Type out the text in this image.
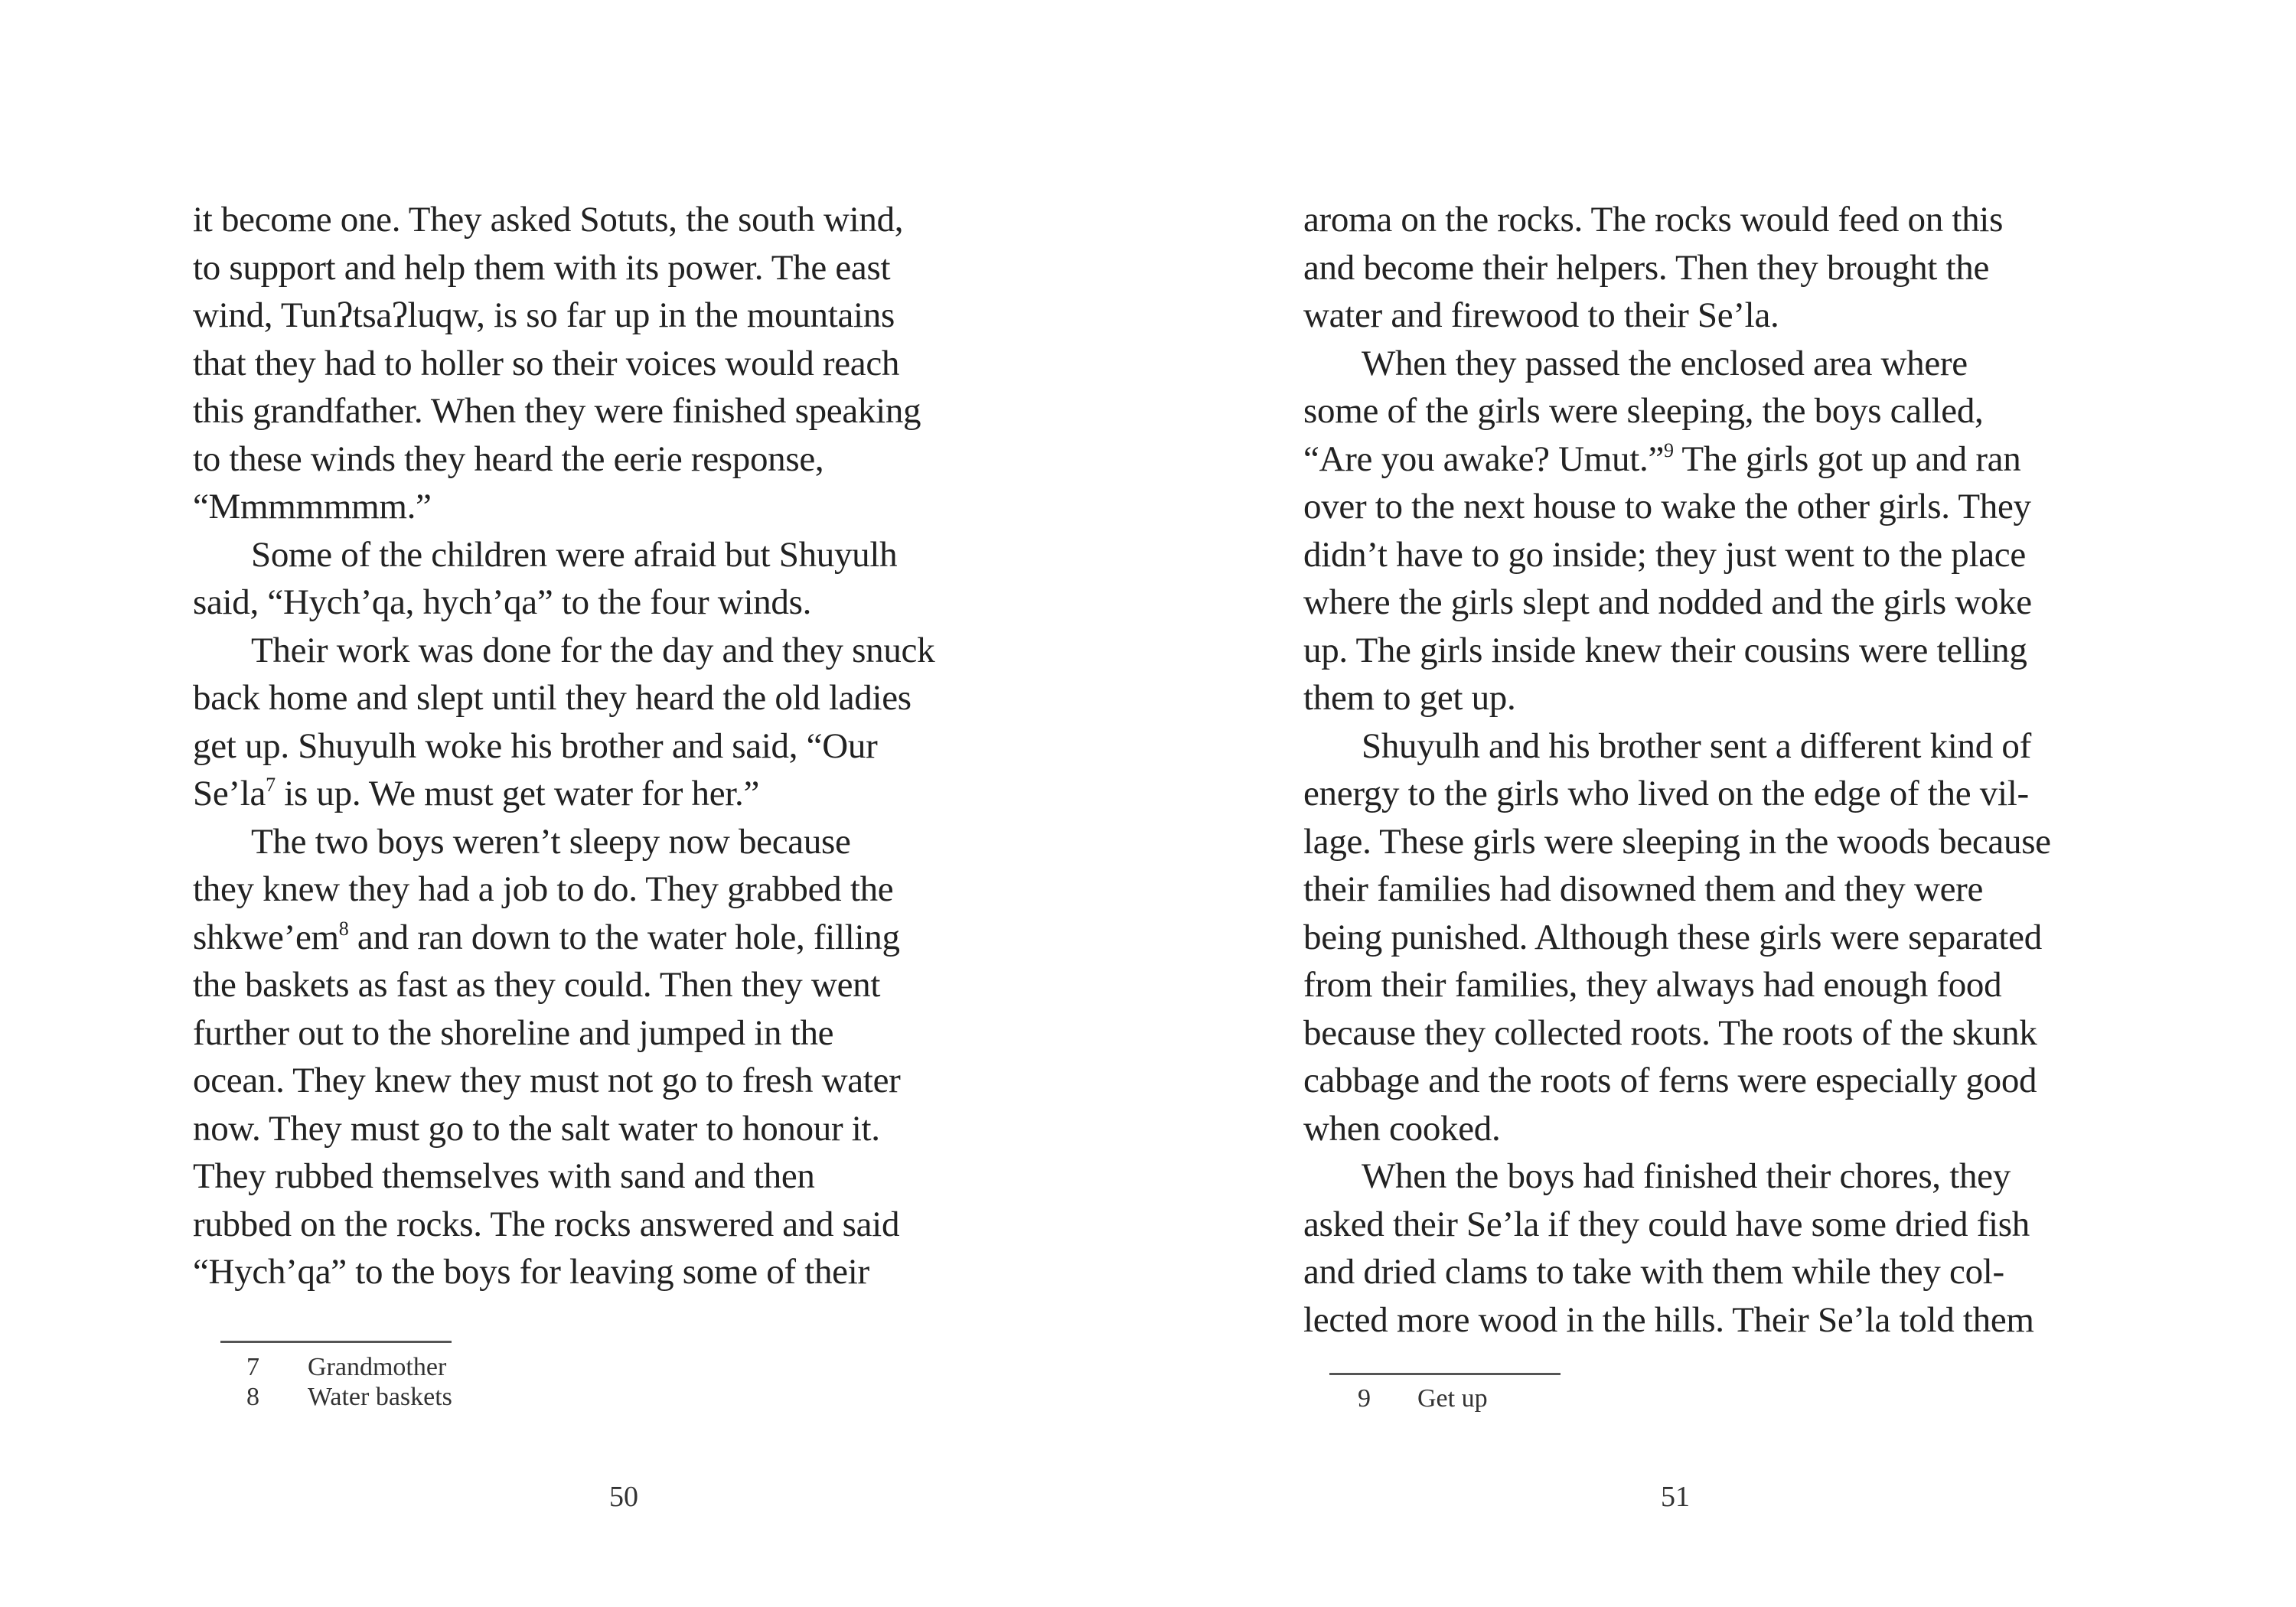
it become one. They asked Sotuts, the south wind,
to support and help them with its power. The east
wind, Tunʔtsaʔluqw, is so far up in the mountains
that they had to holler so their voices would reach
this grandfather. When they were finished speaking
to these winds they heard the eerie response,
“Mmmmmmm.”
Some of the children were afraid but Shuyulh
said, “Hych’qa, hych’qa” to the four winds.
Their work was done for the day and they snuck
back home and slept until they heard the old ladies
get up. Shuyulh woke his brother and said, “Our
Se’la$^7$ is up. We must get water for her.”
The two boys weren’t sleepy now because
they knew they had a job to do. They grabbed the
shkwe’em$^8$ and ran down to the water hole, filling
the baskets as fast as they could. Then they went
further out to the shoreline and jumped in the
ocean. They knew they must not go to fresh water
now. They must go to the salt water to honour it.
They rubbed themselves with sand and then
rubbed on the rocks. The rocks answered and said
“Hych’qa” to the boys for leaving some of their
7 Grandmother
8 Water baskets
50
aroma on the rocks. The rocks would feed on this
and become their helpers. Then they brought the
water and firewood to their Se’la.
When they passed the enclosed area where
some of the girls were sleeping, the boys called,
“Are you awake? Umut.”$^9$ The girls got up and ran
over to the next house to wake the other girls. They
didn’t have to go inside; they just went to the place
where the girls slept and nodded and the girls woke
up. The girls inside knew their cousins were telling
them to get up.
Shuyulh and his brother sent a different kind of
energy to the girls who lived on the edge of the vil-
lage. These girls were sleeping in the woods because
their families had disowned them and they were
being punished. Although these girls were separated
from their families, they always had enough food
because they collected roots. The roots of the skunk
cabbage and the roots of ferns were especially good
when cooked.
When the boys had finished their chores, they
asked their Se’la if they could have some dried fish
and dried clams to take with them while they col-
lected more wood in the hills. Their Se’la told them
9 Get up
51
